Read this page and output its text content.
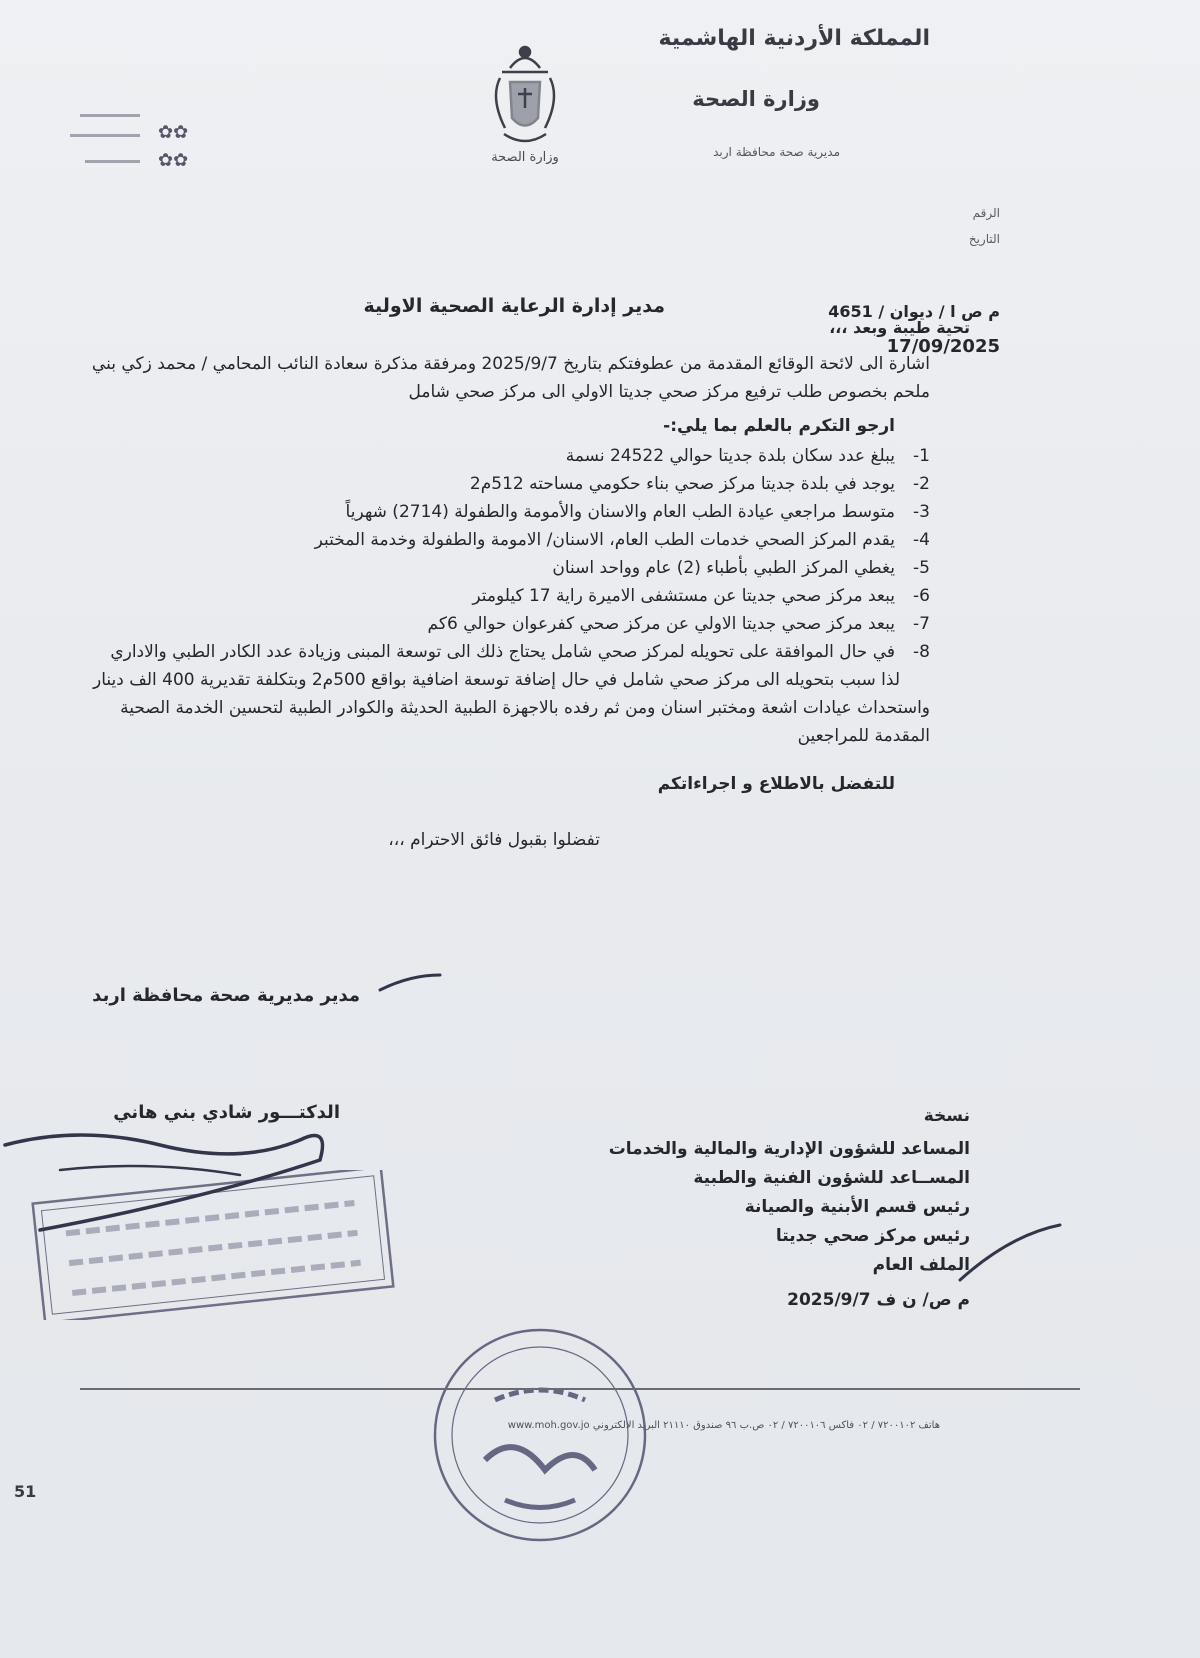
المملكة الأردنية الهاشمية
وزارة الصحة
مديرية صحة محافظة اربد
الرقم
التاريخ
وزارة الصحة
✿✿
✿✿
مدير إدارة الرعاية الصحية الاولية	م ص ا / ديوان / 4651
17/09/2025
تحية طيبة وبعد ،،،

اشارة الى لائحة الوقائع المقدمة من عطوفتكم بتاريخ 2025/9/7 ومرفقة مذكرة سعادة النائب المحامي / محمد زكي بني ملحم بخصوص طلب ترفيع مركز صحي جديتا الاولي الى مركز صحي شامل

ارجو التكرم بالعلم بما يلي:-
1-
يبلغ عدد سكان بلدة جديتا حوالي 24522 نسمة
2-
يوجد في بلدة جديتا مركز صحي بناء حكومي مساحته 512م2
3-
متوسط مراجعي عيادة الطب العام والاسنان والأمومة والطفولة (2714) شهرياً
4-
يقدم المركز الصحي خدمات الطب العام، الاسنان/ الامومة والطفولة وخدمة المختبر
5-
يغطي المركز الطبي بأطباء (2) عام وواحد اسنان
6-
يبعد مركز صحي جديتا عن مستشفى الاميرة راية 17 كيلومتر
7-
يبعد مركز صحي جديتا الاولي عن مركز صحي كفرعوان حوالي 6كم
8-
في حال الموافقة على تحويله لمركز صحي شامل يحتاج ذلك الى توسعة المبنى وزيادة عدد الكادر الطبي والاداري

لذا سبب بتحويله الى مركز صحي شامل في حال إضافة توسعة اضافية بواقع 500م2 وبتكلفة تقديرية 400 الف دينار واستحداث عيادات اشعة ومختبر اسنان ومن ثم رفده بالاجهزة الطبية الحديثة والكوادر الطبية لتحسين الخدمة الصحية المقدمة للمراجعين

للتفضل بالاطلاع و اجراءاتكم
تفضلوا بقبول فائق الاحترام ،،،
مدير مديرية صحة محافظة اربد
الدكتـــور شادي بني هاني	نسخة
المساعد للشؤون الإدارية والمالية والخدمات
المســاعد للشؤون الفنية والطبية
رئيس قسم الأبنية والصيانة
رئيس مركز صحي جديتا
الملف العام
م ص/ ن ف 2025/9/7
هاتف ٧٢٠٠١٠٢ / ٠٢ فاكس ٧٢٠٠١٠٦ / ٠٢ ص.ب ٩٦ صندوق ٢١١١٠ البريد الالكتروني www.moh.gov.jo
51
